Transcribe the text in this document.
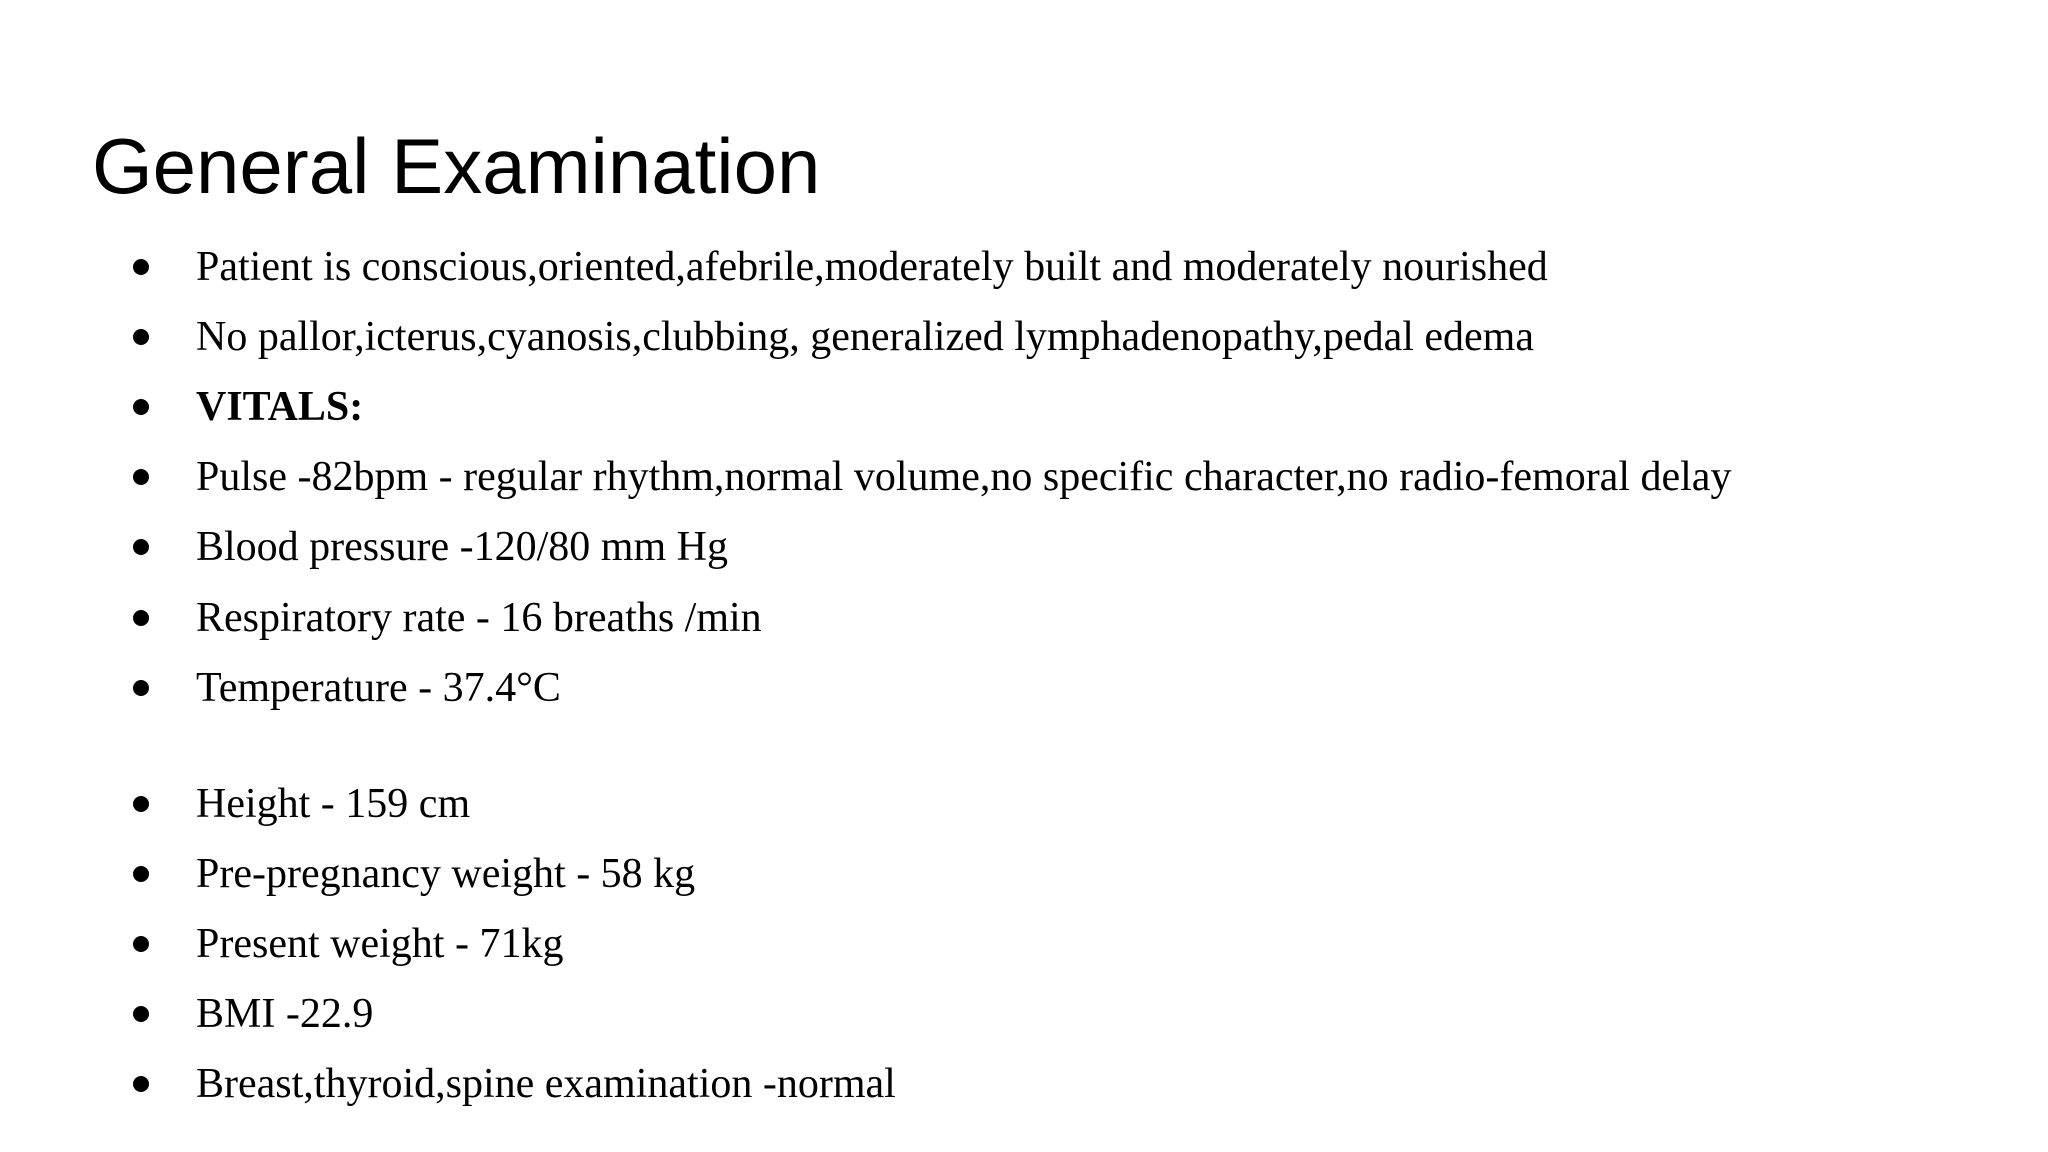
General Examination
Patient is conscious,oriented,afebrile,moderately built and moderately nourished
No pallor,icterus,cyanosis,clubbing, generalized lymphadenopathy,pedal edema
VITALS:
Pulse -82bpm - regular rhythm,normal volume,no specific character,no radio-femoral delay
Blood pressure -120/80 mm Hg
Respiratory rate - 16 breaths /min
Temperature - 37.4°C
Height - 159 cm
Pre-pregnancy weight - 58 kg
Present weight - 71kg
BMI -22.9
Breast,thyroid,spine examination -normal
